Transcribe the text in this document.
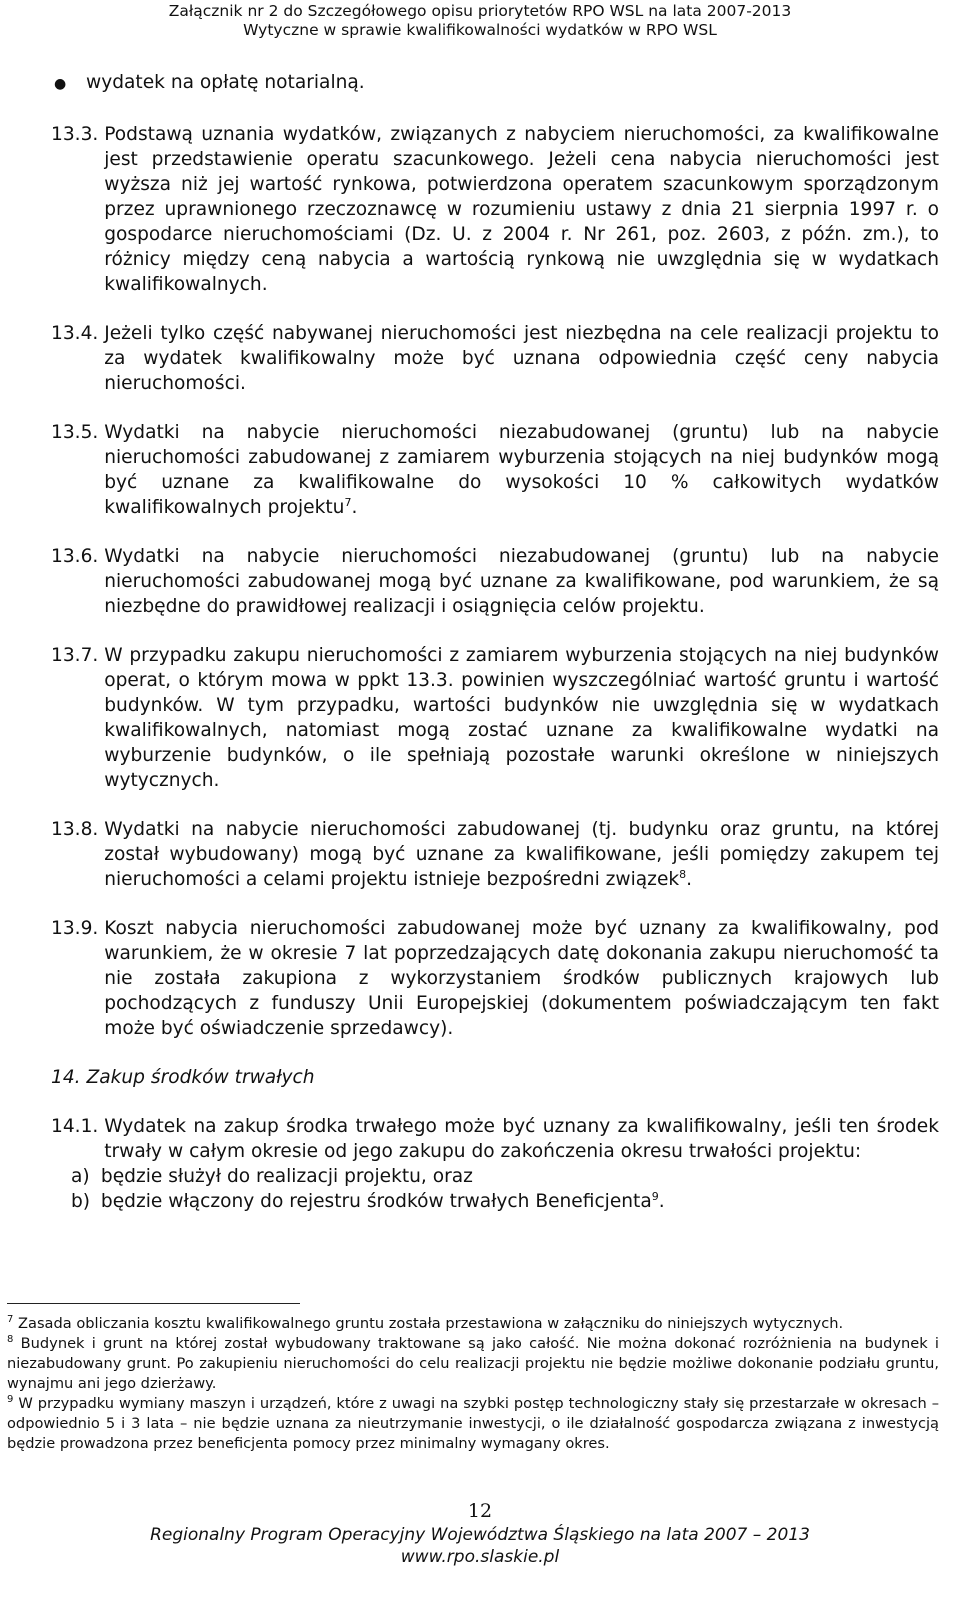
Załącznik nr 2 do Szczegółowego opisu priorytetów RPO WSL na lata 2007-2013
Wytyczne w sprawie kwalifikowalności wydatków w RPO WSL
●	wydatek na opłatę notarialną.
13.3. Podstawą uznania wydatków, związanych z nabyciem nieruchomości, za kwalifikowalne jest przedstawienie operatu szacunkowego. Jeżeli cena nabycia nieruchomości jest wyższa niż jej wartość rynkowa, potwierdzona operatem szacunkowym sporządzonym przez uprawnionego rzeczoznawcę w rozumieniu ustawy z dnia 21 sierpnia 1997 r. o gospodarce nieruchomościami (Dz. U. z 2004 r. Nr 261, poz. 2603, z późn. zm.), to różnicy między ceną nabycia a wartością rynkową nie uwzględnia się w wydatkach kwalifikowalnych.
13.4. Jeżeli tylko część nabywanej nieruchomości jest niezbędna na cele realizacji projektu to za wydatek kwalifikowalny może być uznana odpowiednia część ceny nabycia nieruchomości.
13.5. Wydatki na nabycie nieruchomości niezabudowanej (gruntu) lub na nabycie nieruchomości zabudowanej z zamiarem wyburzenia stojących na niej budynków mogą być uznane za kwalifikowalne do wysokości 10 % całkowitych wydatków kwalifikowalnych projektu$^7$.
13.6. Wydatki na nabycie nieruchomości niezabudowanej (gruntu) lub na nabycie nieruchomości zabudowanej mogą być uznane za kwalifikowane, pod warunkiem, że są niezbędne do prawidłowej realizacji i osiągnięcia celów projektu.
13.7. W przypadku zakupu nieruchomości z zamiarem wyburzenia stojących na niej budynków operat, o którym mowa w ppkt 13.3. powinien wyszczególniać wartość gruntu i wartość budynków. W tym przypadku, wartości budynków nie uwzględnia się w wydatkach kwalifikowalnych, natomiast mogą zostać uznane za kwalifikowalne wydatki na wyburzenie budynków, o ile spełniają pozostałe warunki określone w niniejszych wytycznych.
13.8. Wydatki na nabycie nieruchomości zabudowanej (tj. budynku oraz gruntu, na której został wybudowany) mogą być uznane za kwalifikowane, jeśli pomiędzy zakupem tej nieruchomości a celami projektu istnieje bezpośredni związek$^8$.
13.9. Koszt nabycia nieruchomości zabudowanej może być uznany za kwalifikowalny, pod warunkiem, że w okresie 7 lat poprzedzających datę dokonania zakupu nieruchomość ta nie została zakupiona z wykorzystaniem środków publicznych krajowych lub pochodzących z funduszy Unii Europejskiej (dokumentem poświadczającym ten fakt może być oświadczenie sprzedawcy).
14. Zakup środków trwałych
14.1. Wydatek na zakup środka trwałego może być uznany za kwalifikowalny, jeśli ten środek trwały w całym okresie od jego zakupu do zakończenia okresu trwałości projektu:
a) będzie służył do realizacji projektu, oraz
b) będzie włączony do rejestru środków trwałych Beneficjenta$^9$.
$^7$ Zasada obliczania kosztu kwalifikowalnego gruntu została przestawiona w załączniku do niniejszych wytycznych.
$^8$ Budynek i grunt na której został wybudowany traktowane są jako całość. Nie można dokonać rozróżnienia na budynek i niezabudowany grunt. Po zakupieniu nieruchomości do celu realizacji projektu nie będzie możliwe dokonanie podziału gruntu, wynajmu ani jego dzierżawy.
$^9$ W przypadku wymiany maszyn i urządzeń, które z uwagi na szybki postęp technologiczny stały się przestarzałe w okresach – odpowiednio 5 i 3 lata – nie będzie uznana za nieutrzymanie inwestycji, o ile działalność gospodarcza związana z inwestycją będzie prowadzona przez beneficjenta pomocy przez minimalny wymagany okres.
12
Regionalny Program Operacyjny Województwa Śląskiego na lata 2007 – 2013
www.rpo.slaskie.pl
